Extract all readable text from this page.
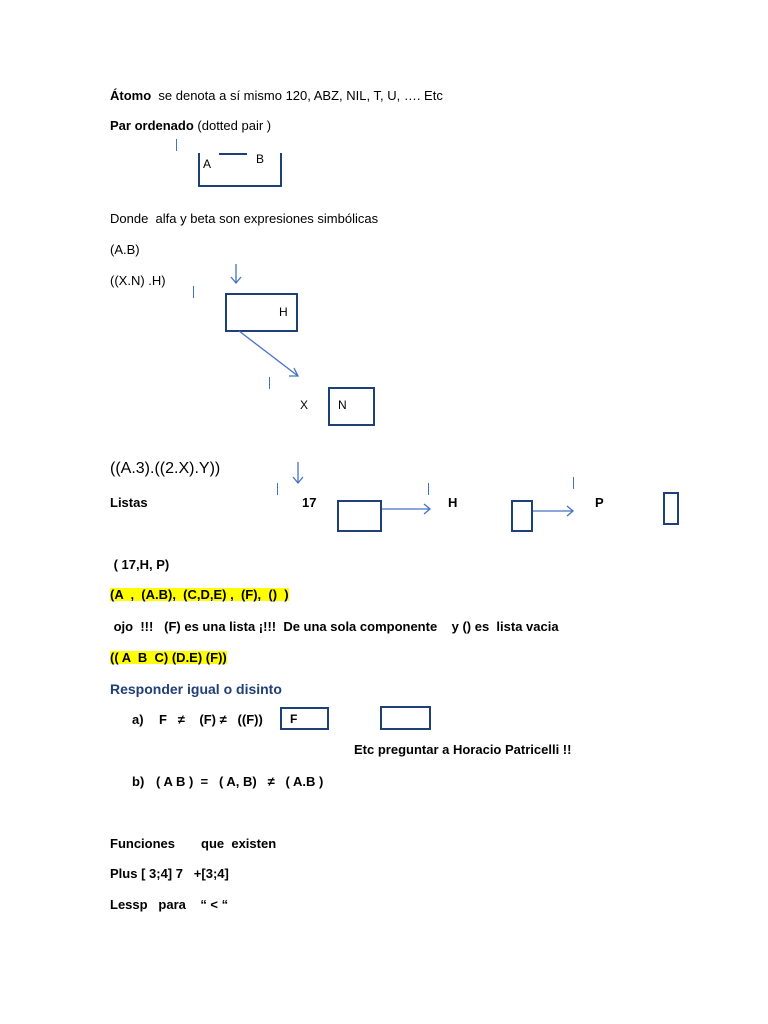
Átomo  se denota a sí mismo 120, ABZ, NIL, T, U, …. Etc
Par ordenado (dotted pair )
A	B
Donde  alfa y beta son expresiones simbólicas
(A.B)
((X.N) .H)
H
X N
((A.3).((2.X).Y))
Listas	17	H	P
( 17,H, P)
(A  ,  (A.B),  (C,D,E) ,  (F),  ()  )
ojo  !!!   (F) es una lista ¡!!!  De una sola componente    y () es  lista vacia
(( A  B  C) (D.E) (F))
Responder igual o disinto
a) F   ≠    (F) ≠   ((F)) F
Etc preguntar a Horacio Patricelli !!
b) ( A B )  =   ( A, B)   ≠   ( A.B )
Funciones que  existen
Plus [ 3;4] 7   +[3;4]
Lessp   para    “ < “
